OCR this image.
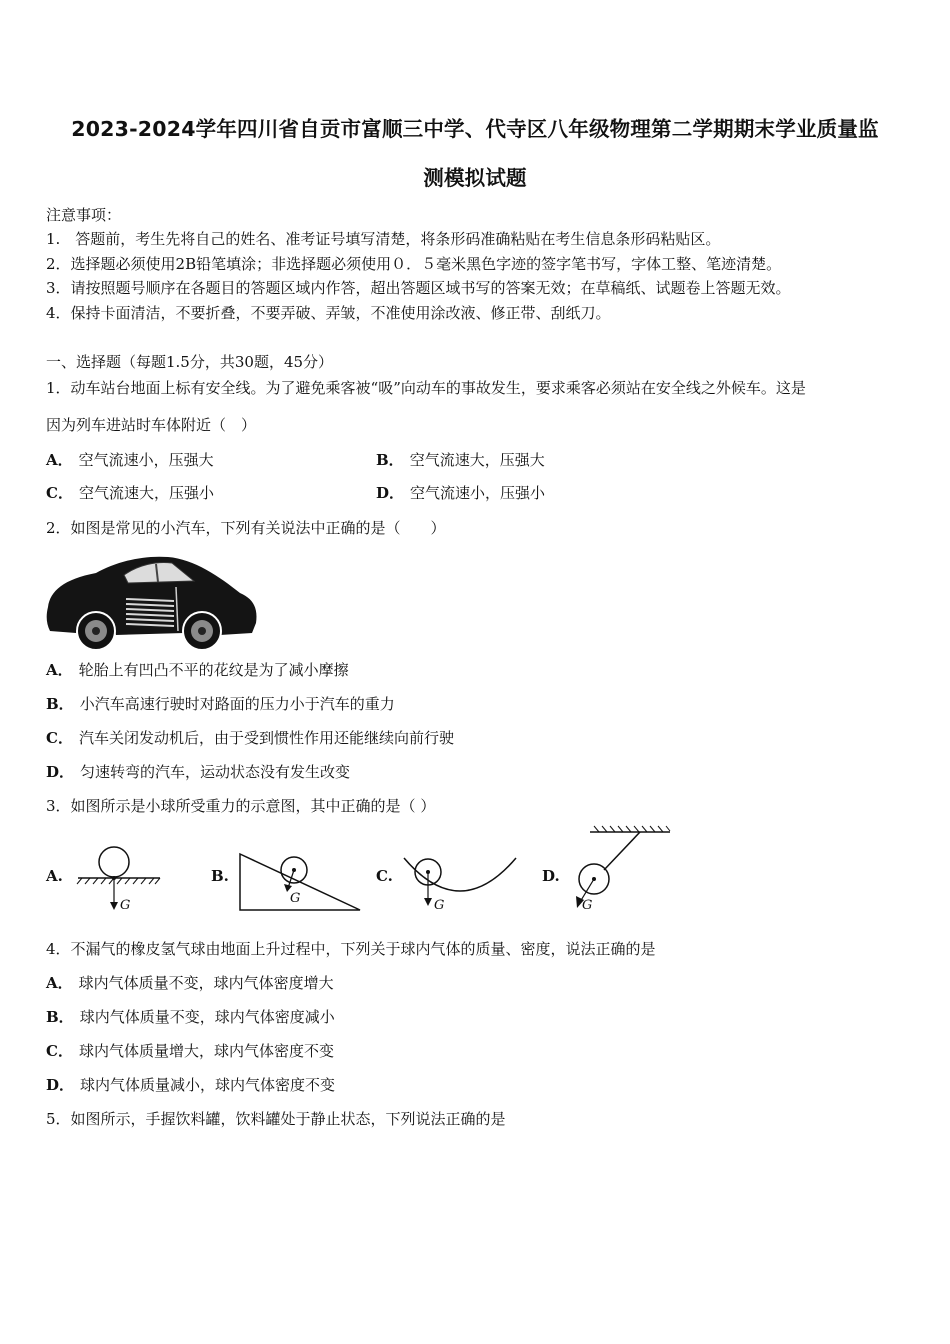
2023-2024学年四川省自贡市富顺三中学、代寺区八年级物理第二学期期末学业质量监
测模拟试题
注意事项：
1.　答题前，考生先将自己的姓名、准考证号填写清楚，将条形码准确粘贴在考生信息条形码粘贴区。
2．选择题必须使用2B铅笔填涂；非选择题必须使用０．５毫米黑色字迹的签字笔书写，字体工整、笔迹清楚。
3．请按照题号顺序在各题目的答题区域内作答，超出答题区域书写的答案无效；在草稿纸、试题卷上答题无效。
4．保持卡面清洁，不要折叠，不要弄破、弄皱，不准使用涂改液、修正带、刮纸刀。
一、选择题（每题1.5分，共30题，45分）
1．动车站台地面上标有安全线。为了避免乘客被“吸”向动车的事故发生，要求乘客必须站在安全线之外候车。这是
因为列车进站时车体附近（　）
A． 空气流速小，压强大	B． 空气流速大，压强大
C． 空气流速大，压强小	D． 空气流速小，压强小
2．如图是常见的小汽车，下列有关说法中正确的是（　　）
A． 轮胎上有凹凸不平的花纹是为了减小摩擦
B． 小汽车高速行驶时对路面的压力小于汽车的重力
C． 汽车关闭发动机后，由于受到惯性作用还能继续向前行驶
D． 匀速转弯的汽车，运动状态没有发生改变
3．如图所示是小球所受重力的示意图，其中正确的是（ ）
A.
G
B.
G
C.
G
D.
G
4．不漏气的橡皮氢气球由地面上升过程中，下列关于球内气体的质量、密度，说法正确的是
A． 球内气体质量不变，球内气体密度增大
B． 球内气体质量不变，球内气体密度减小
C． 球内气体质量增大，球内气体密度不变
D． 球内气体质量减小，球内气体密度不变
5．如图所示，手握饮料罐，饮料罐处于静止状态，下列说法正确的是
